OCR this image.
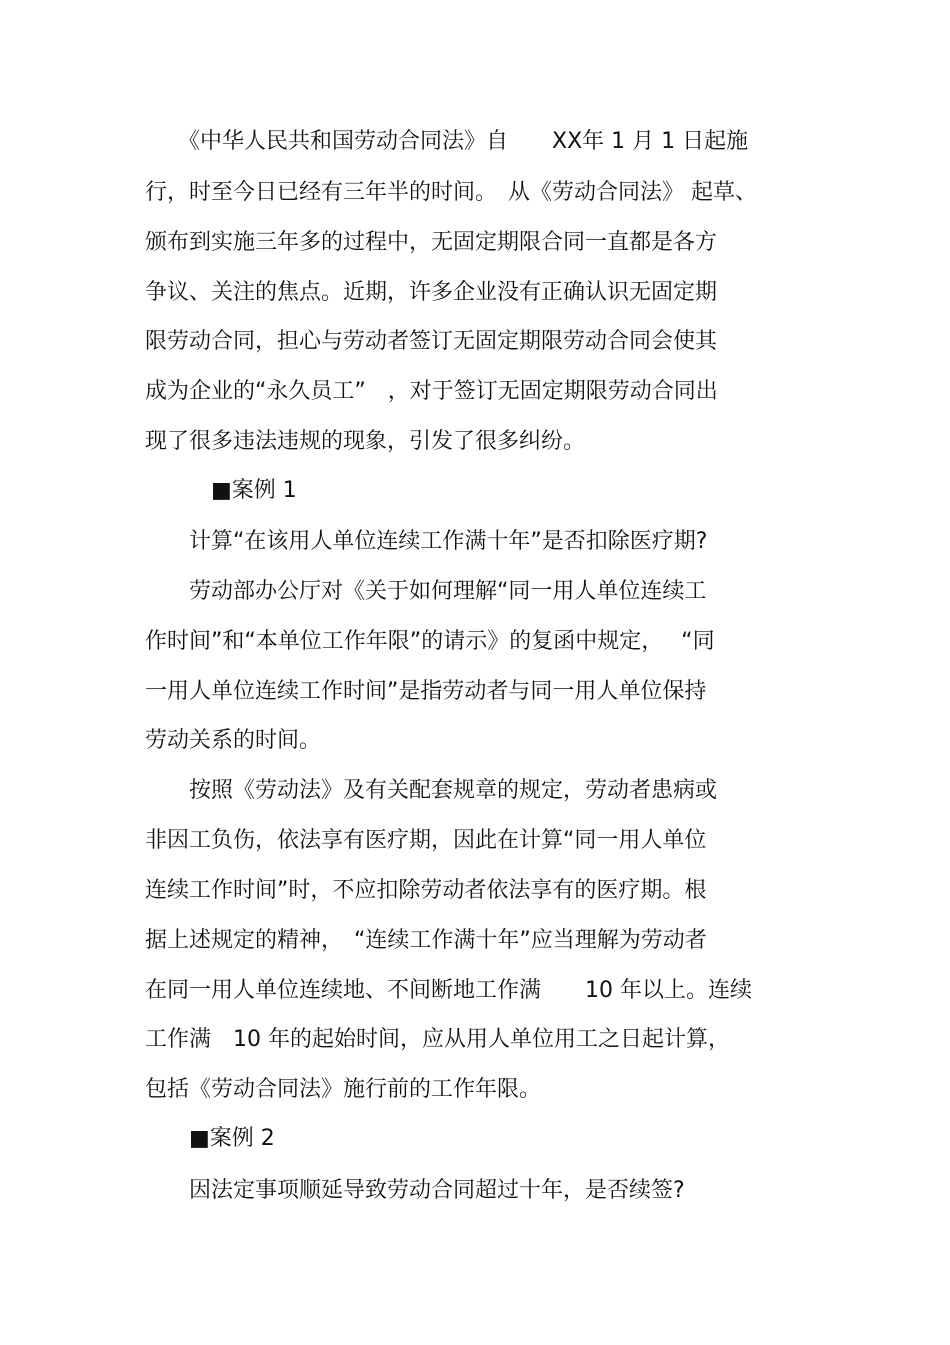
　　《中华人民共和国劳动合同法》自　　XX年 1 月 1 日起施
行，时至今日已经有三年半的时间。　从《劳动合同法》 起草、
颁布到实施三年多的过程中，无固定期限合同一直都是各方
争议、关注的焦点。近期，许多企业没有正确认识无固定期
限劳动合同，担心与劳动者签订无固定期限劳动合同会使其
成为企业的“永久员工”　，对于签订无固定期限劳动合同出
现了很多违法违规的现象，引发了很多纠纷。
　　　■案例 1
　　计算“在该用人单位连续工作满十年”是否扣除医疗期?
　　劳动部办公厅对《关于如何理解“同一用人单位连续工
作时间”和“本单位工作年限”的请示》的复函中规定，　 “同
一用人单位连续工作时间”是指劳动者与同一用人单位保持
劳动关系的时间。
　　按照《劳动法》及有关配套规章的规定，劳动者患病或
非因工负伤，依法享有医疗期，因此在计算“同一用人单位
连续工作时间”时，不应扣除劳动者依法享有的医疗期。根
据上述规定的精神，　“连续工作满十年”应当理解为劳动者
在同一用人单位连续地、不间断地工作满　　10 年以上。连续
工作满　10 年的起始时间，应从用人单位用工之日起计算，
包括《劳动合同法》施行前的工作年限。
　　■案例 2
　　因法定事项顺延导致劳动合同超过十年，是否续签?
